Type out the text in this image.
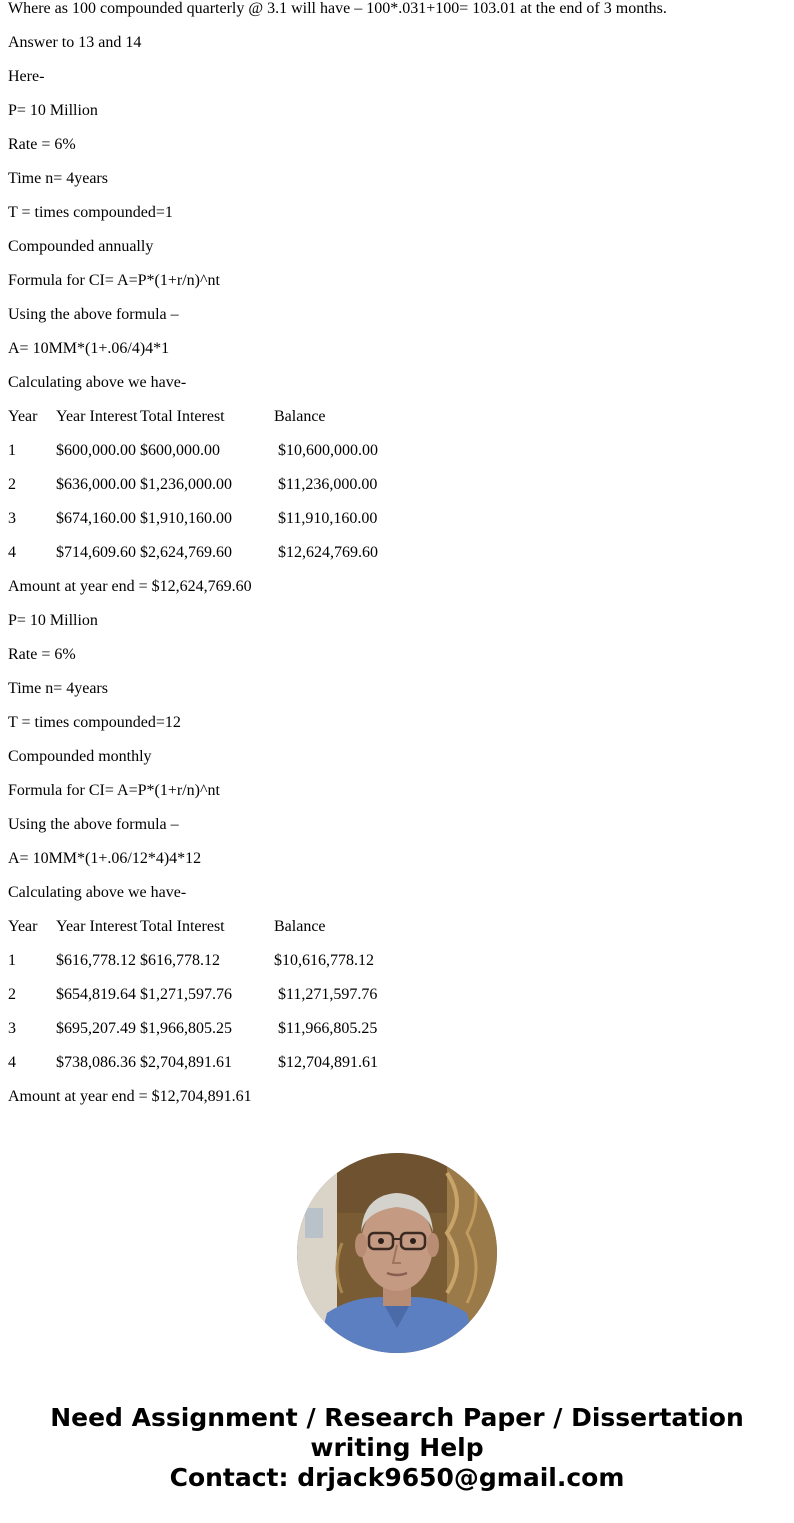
Where as 100 compounded quarterly @ 3.1 will have – 100*.031+100= 103.01 at the end of 3 months.
Answer to 13 and 14
Here-
P= 10 Million
Rate = 6%
Time n= 4years
T = times compounded=1
Compounded annually
Formula for CI= A=P*(1+r/n)^nt
Using the above formula –
A= 10MM*(1+.06/4)4*1
Calculating above we have-
Year Year Interest Total Interest	Balance
1	$600,000.00 $600,000.00	$10,600,000.00
2	$636,000.00 $1,236,000.00	$11,236,000.00
3	$674,160.00 $1,910,160.00	$11,910,160.00
4	$714,609.60 $2,624,769.60	$12,624,769.60
Amount at year end = $12,624,769.60
P= 10 Million
Rate = 6%
Time n= 4years
T = times compounded=12
Compounded monthly
Formula for CI= A=P*(1+r/n)^nt
Using the above formula –
A= 10MM*(1+.06/12*4)4*12
Calculating above we have-
Year Year Interest Total Interest	Balance
1	$616,778.12 $616,778.12	$10,616,778.12
2	$654,819.64 $1,271,597.76	$11,271,597.76
3	$695,207.49 $1,966,805.25	$11,966,805.25
4	$738,086.36 $2,704,891.61	$12,704,891.61
Amount at year end = $12,704,891.61
Need Assignment / Research Paper / Dissertation
writing Help
Contact: drjack9650@gmail.com
